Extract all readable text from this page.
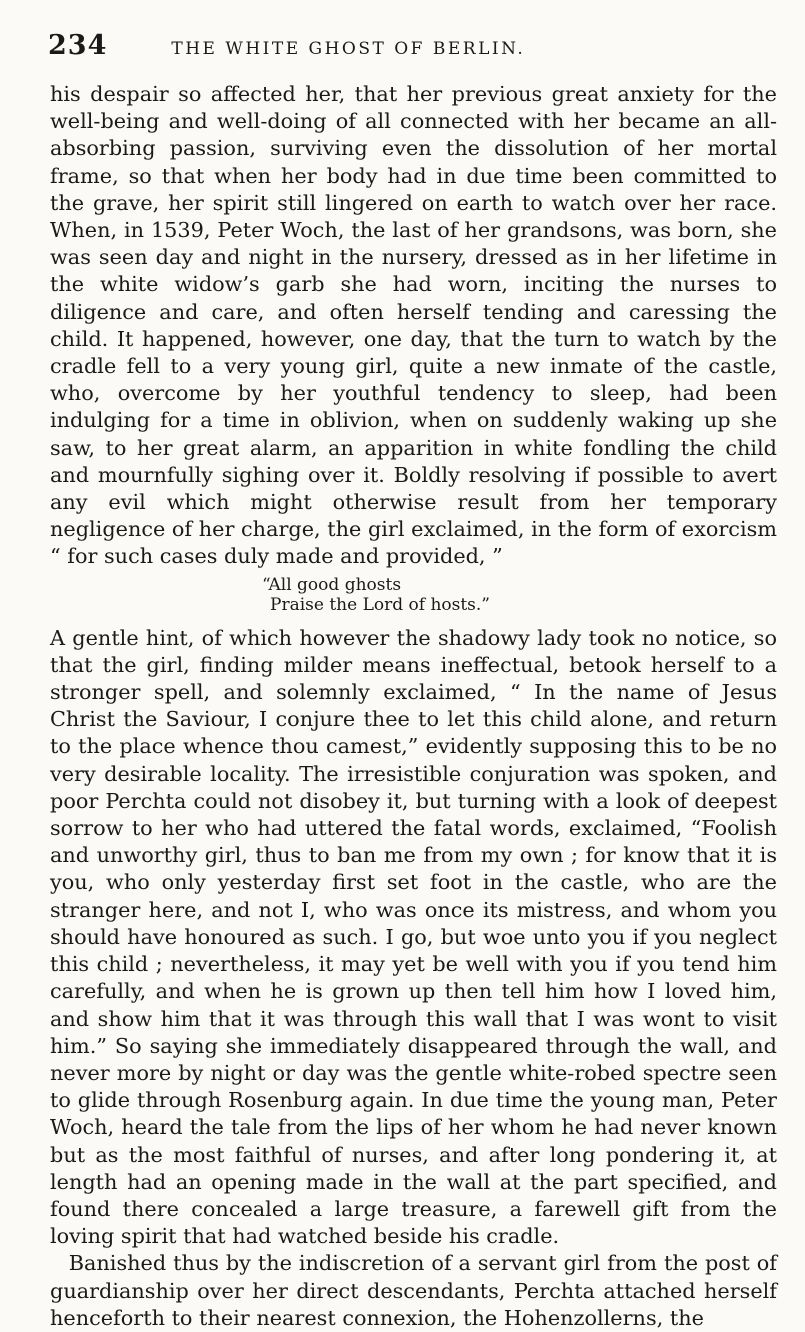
234	THE WHITE GHOST OF BERLIN.

his despair so affected her, that her previous great anxiety for the well-being and well-doing of all connected with her became an all-absorbing passion, surviving even the dissolution of her mortal frame, so that when her body had in due time been committed to the grave, her spirit still lingered on earth to watch over her race. When, in 1539, Peter Woch, the last of her grandsons, was born, she was seen day and night in the nursery, dressed as in her lifetime in the white widow’s garb she had worn, inciting the nurses to diligence and care, and often herself tending and caressing the child. It happened, however, one day, that the turn to watch by the cradle fell to a very young girl, quite a new inmate of the castle, who, overcome by her youthful tendency to sleep, had been indulging for a time in oblivion, when on suddenly waking up she saw, to her great alarm, an apparition in white fondling the child and mournfully sighing over it. Boldly resolving if possible to avert any evil which might otherwise result from her temporary negligence of her charge, the girl exclaimed, in the form of exorcism “ for such cases duly made and provided, ”

“All good ghosts
Praise the Lord of hosts.”

A gentle hint, of which however the shadowy lady took no notice, so that the girl, finding milder means ineffectual, betook herself to a stronger spell, and solemnly exclaimed, “ In the name of Jesus Christ the Saviour, I conjure thee to let this child alone, and return to the place whence thou camest,” evidently supposing this to be no very desirable locality. The irresistible conjuration was spoken, and poor Perchta could not disobey it, but turning with a look of deepest sorrow to her who had uttered the fatal words, exclaimed, “Foolish and unworthy girl, thus to ban me from my own ; for know that it is you, who only yesterday first set foot in the castle, who are the stranger here, and not I, who was once its mistress, and whom you should have honoured as such. I go, but woe unto you if you neglect this child ; nevertheless, it may yet be well with you if you tend him carefully, and when he is grown up then tell him how I loved him, and show him that it was through this wall that I was wont to visit him.” So saying she immediately disappeared through the wall, and never more by night or day was the gentle white-robed spectre seen to glide through Rosenburg again. In due time the young man, Peter Woch, heard the tale from the lips of her whom he had never known but as the most faithful of nurses, and after long pondering it, at length had an opening made in the wall at the part specified, and found there concealed a large treasure, a farewell gift from the loving spirit that had watched beside his cradle.

Banished thus by the indiscretion of a servant girl from the post of guardianship over her direct descendants, Perchta attached herself henceforth to their nearest connexion, the Hohenzollerns, the
